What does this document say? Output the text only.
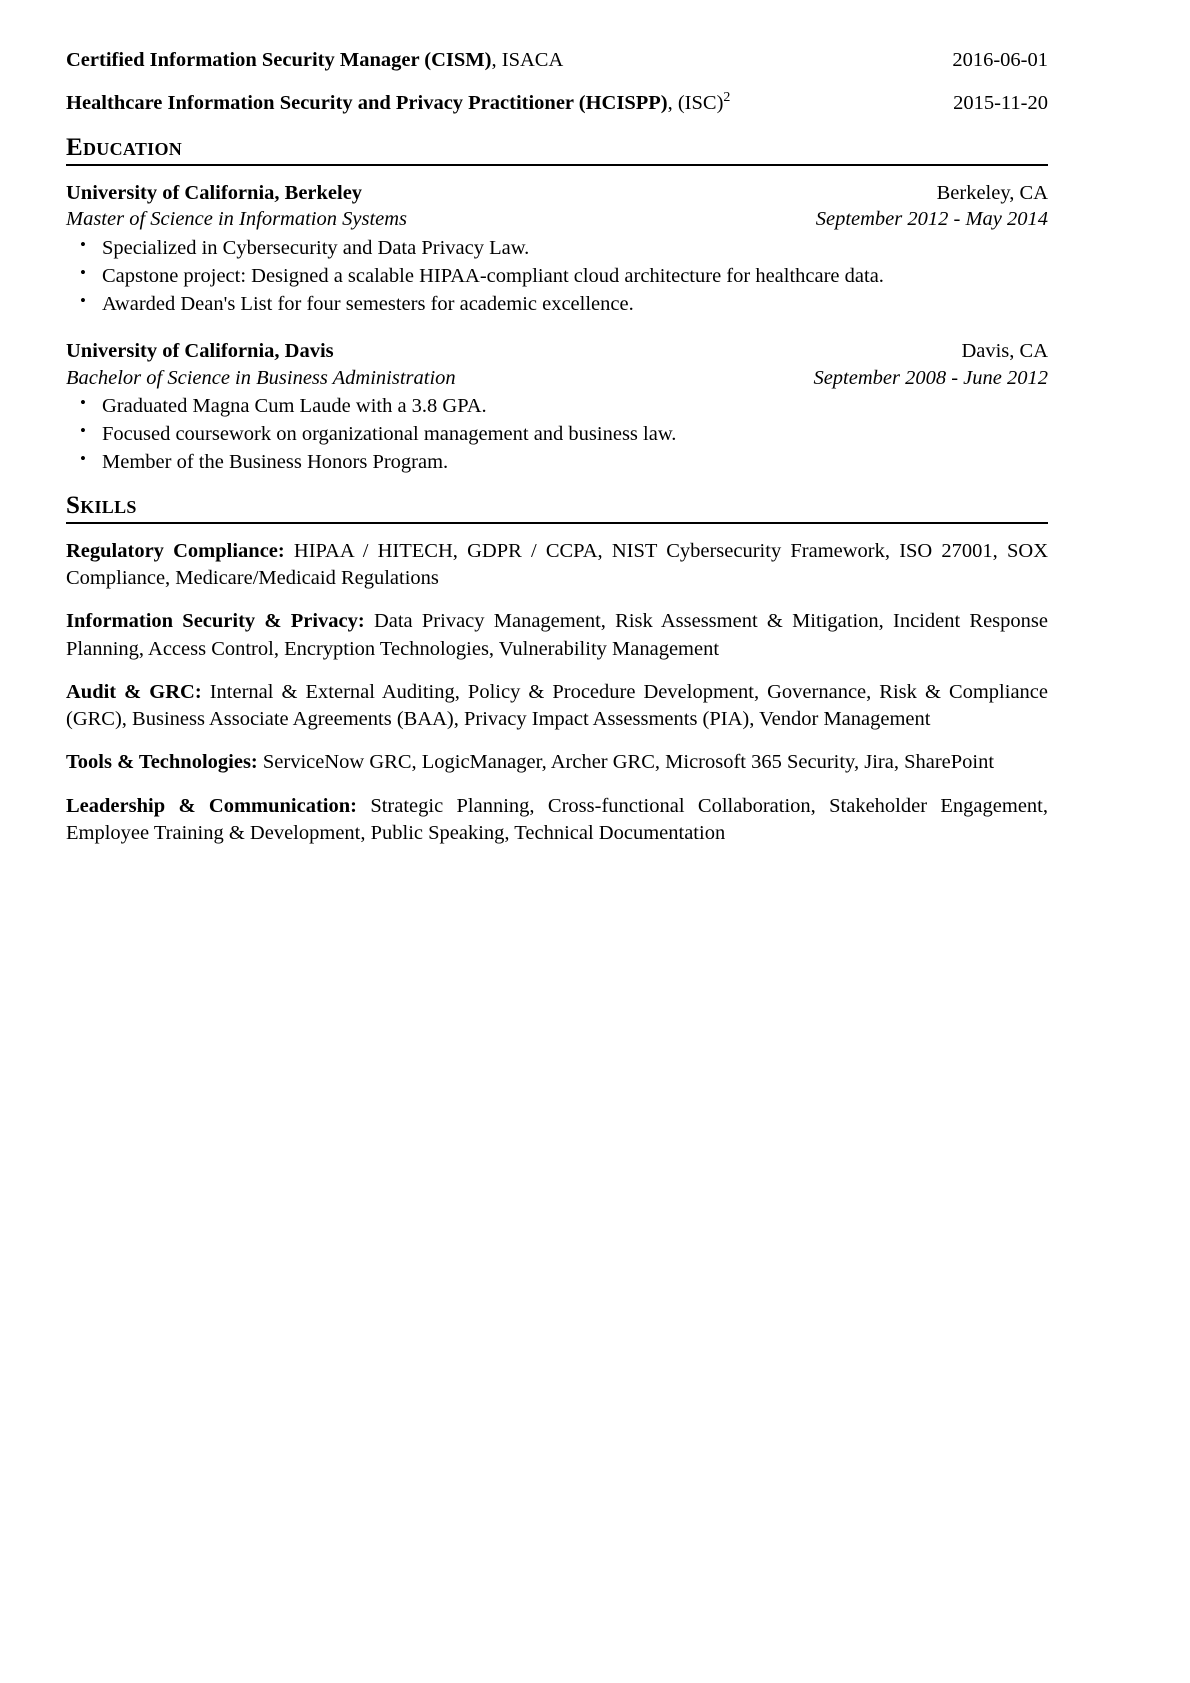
Certified Information Security Manager (CISM), ISACA	2016-06-01
Healthcare Information Security and Privacy Practitioner (HCISPP), (ISC)$^2$	2015-11-20
Education
University of California, Berkeley	Berkeley, CA
Master of Science in Information Systems	September 2012 - May 2014
• Specialized in Cybersecurity and Data Privacy Law.
• Capstone project: Designed a scalable HIPAA-compliant cloud architecture for healthcare data.
• Awarded Dean's List for four semesters for academic excellence.
University of California, Davis	Davis, CA
Bachelor of Science in Business Administration	September 2008 - June 2012
• Graduated Magna Cum Laude with a 3.8 GPA.
• Focused coursework on organizational management and business law.
• Member of the Business Honors Program.
Skills
Regulatory Compliance: HIPAA / HITECH, GDPR / CCPA, NIST Cybersecurity Framework, ISO 27001, SOX Compliance, Medicare/Medicaid Regulations
Information Security & Privacy: Data Privacy Management, Risk Assessment & Mitigation, Incident Response Planning, Access Control, Encryption Technologies, Vulnerability Management
Audit & GRC: Internal & External Auditing, Policy & Procedure Development, Governance, Risk & Compliance (GRC), Business Associate Agreements (BAA), Privacy Impact Assessments (PIA), Vendor Management
Tools & Technologies: ServiceNow GRC, LogicManager, Archer GRC, Microsoft 365 Security, Jira, SharePoint
Leadership & Communication: Strategic Planning, Cross-functional Collaboration, Stakeholder Engagement, Employee Training & Development, Public Speaking, Technical Documentation
